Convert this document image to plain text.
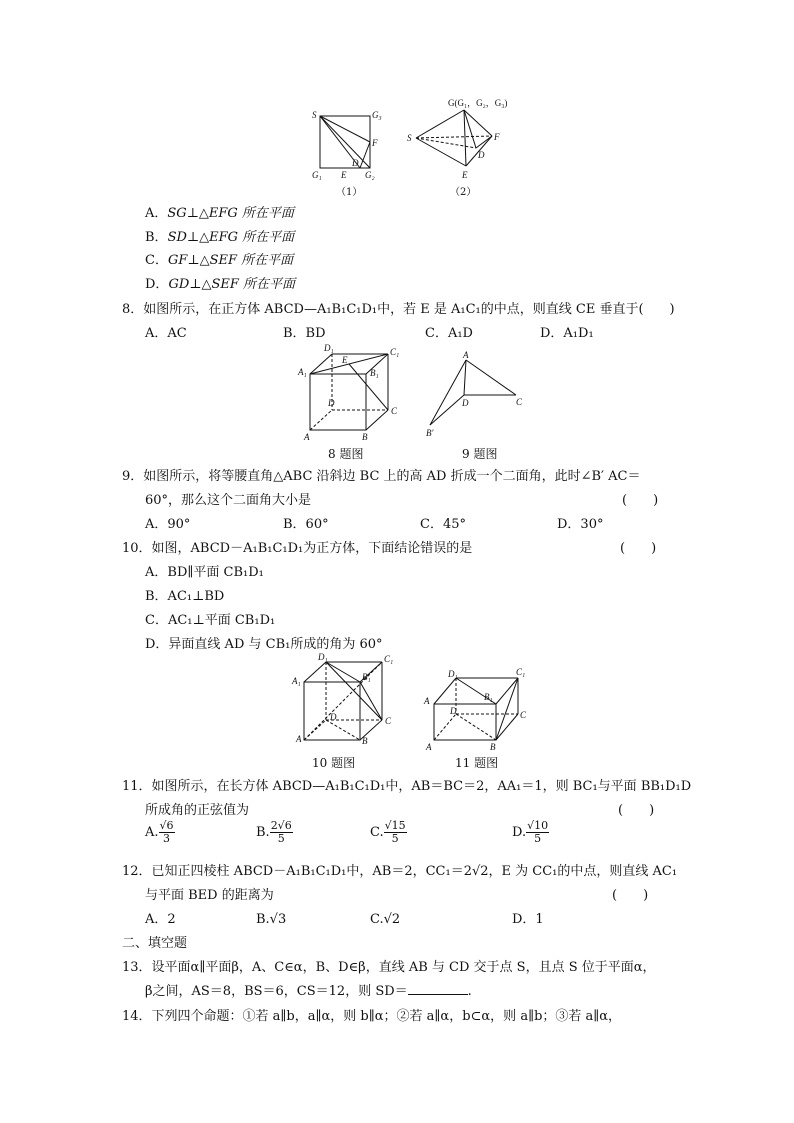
S	G₃
F
D
G₁ E G₂
（1）
G(G₁，G₂，G₃)
S	F
D
E
（2）
A．SG⊥△EFG 所在平面
B．SD⊥△EFG 所在平面
C．GF⊥△SEF 所在平面
D．GD⊥△SEF 所在平面
8．如图所示，在正方体 ABCD—A₁B₁C₁D₁中，若 E 是 A₁C₁的中点，则直线 CE 垂直于(　　)
A．AC	B．BD	C．A₁D	D．A₁D₁
D₁	C₁
A₁
E
B₁
D
C
A	B
8 题图
A
D	C
B′
9 题图
9．如图所示，将等腰直角△ABC 沿斜边 BC 上的高 AD 折成一个二面角，此时∠B′ AC＝
60°，那么这个二面角大小是	(　　)
A．90°	B．60°	C．45°	D．30°
10．如图，ABCD－A₁B₁C₁D₁为正方体，下面结论错误的是	(　　)
A．BD∥平面 CB₁D₁
B．AC₁⊥BD
C．AC₁⊥平面 CB₁D₁
D．异面直线 AD 与 CB₁所成的角为 60°
D₁	C₁
A₁	B₁
D	C
A	B
10 题图
D₁	C₁
A	B₁
D	C
A	B
11 题图
11．如图所示，在长方体 ABCD—A₁B₁C₁D₁中，AB＝BC＝2，AA₁＝1，则 BC₁与平面 BB₁D₁D
所成角的正弦值为	(　　)
A. $\frac{√6}{3}$	B. $\frac{2√6}{5}$	C. $\frac{√15}{5}$	D. $\frac{√10}{5}$
12．已知正四棱柱 ABCD－A₁B₁C₁D₁中，AB＝2，CC₁＝2√2，E 为 CC₁的中点，则直线 AC₁
与平面 BED 的距离为	(　　)
A．2	B.√3	C.√2	D．1
二、填空题
13．设平面α∥平面β，A、C∈α，B、D∈β，直线 AB 与 CD 交于点 S，且点 S 位于平面α，
β之间，AS＝8，BS＝6，CS＝12，则 SD＝	.
14．下列四个命题：①若 a∥b，a∥α，则 b∥α；②若 a∥α，b⊂α，则 a∥b；③若 a∥α，
